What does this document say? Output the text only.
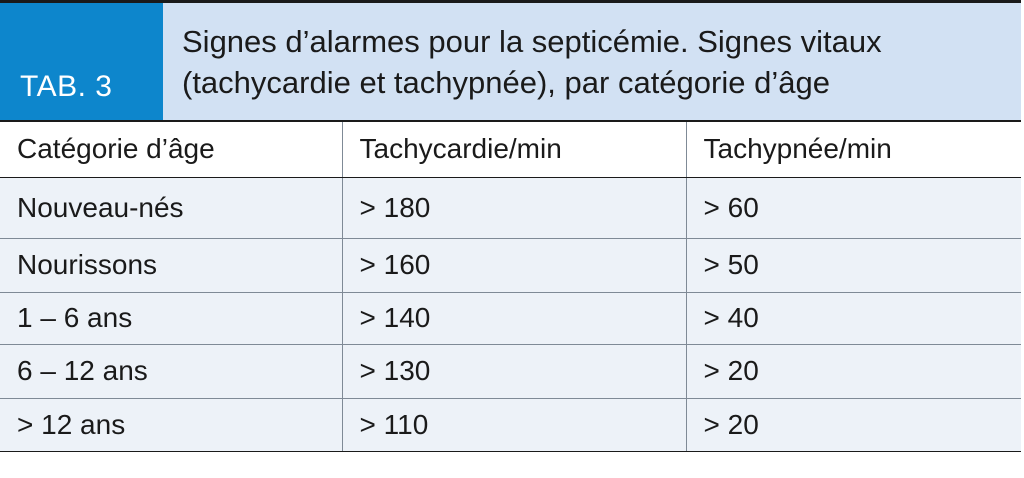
TAB. 3
Signes d’alarmes pour la septicémie. Signes vitaux (tachycardie et tachypnée), par catégorie d’âge
Catégorie d’âge	Tachycardie/min	Tachypnée/min
Nouveau-nés	> 180	> 60
Nourissons	> 160	> 50
1 – 6 ans	> 140	> 40
6 – 12 ans	> 130	> 20
> 12 ans	> 110	> 20
